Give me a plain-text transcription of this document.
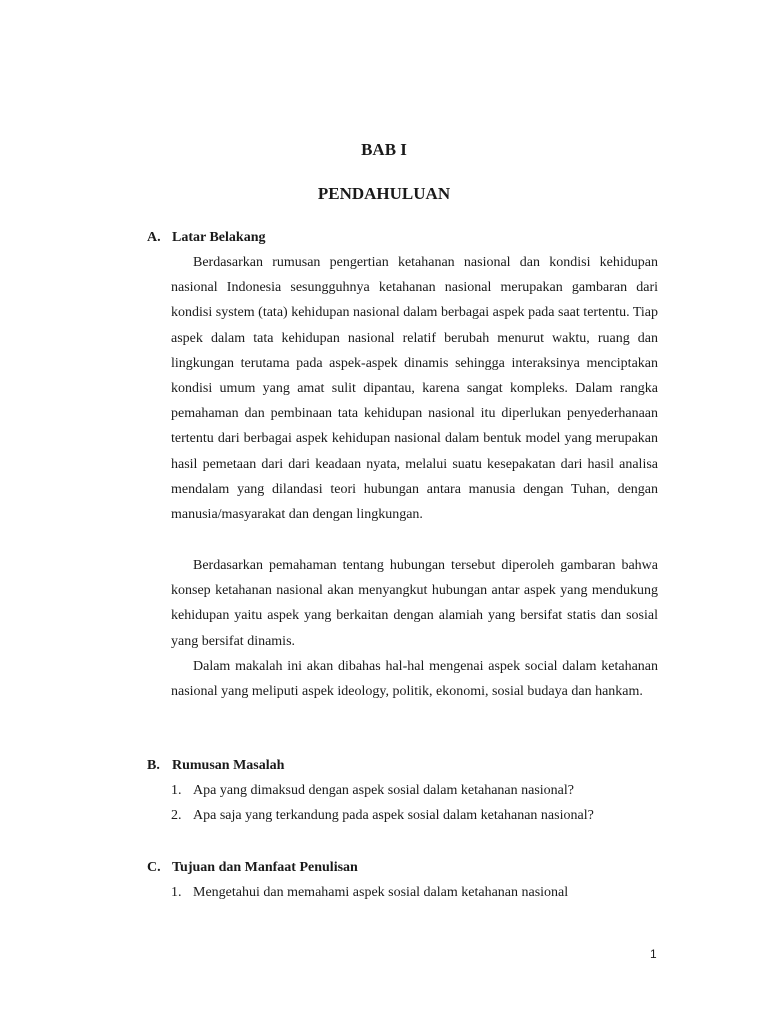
BAB I
PENDAHULUAN
A. Latar Belakang

Berdasarkan rumusan pengertian ketahanan nasional dan kondisi kehidupan nasional Indonesia sesungguhnya ketahanan nasional merupakan gambaran dari kondisi system (tata) kehidupan nasional dalam berbagai aspek pada saat tertentu. Tiap aspek dalam tata kehidupan nasional relatif berubah menurut waktu, ruang dan lingkungan terutama pada aspek-aspek dinamis sehingga interaksinya menciptakan kondisi umum yang amat sulit dipantau, karena sangat kompleks. Dalam rangka pemahaman dan pembinaan tata kehidupan nasional itu diperlukan penyederhanaan tertentu dari berbagai aspek kehidupan nasional dalam bentuk model yang merupakan hasil pemetaan dari dari keadaan nyata, melalui suatu kesepakatan dari hasil analisa mendalam yang dilandasi teori hubungan antara manusia dengan Tuhan, dengan manusia/masyarakat dan dengan lingkungan.

Berdasarkan pemahaman tentang hubungan tersebut diperoleh gambaran bahwa konsep ketahanan nasional akan menyangkut hubungan antar aspek yang mendukung kehidupan yaitu aspek yang berkaitan dengan alamiah yang bersifat statis dan sosial yang bersifat dinamis.

Dalam makalah ini akan dibahas hal-hal mengenai aspek social dalam ketahanan nasional yang meliputi aspek ideology, politik, ekonomi, sosial budaya dan hankam.

B. Rumusan Masalah
1. Apa yang dimaksud dengan aspek sosial dalam ketahanan nasional?
2. Apa saja yang terkandung pada aspek sosial dalam ketahanan nasional?
C. Tujuan dan Manfaat Penulisan
1. Mengetahui dan memahami aspek sosial dalam ketahanan nasional
1
